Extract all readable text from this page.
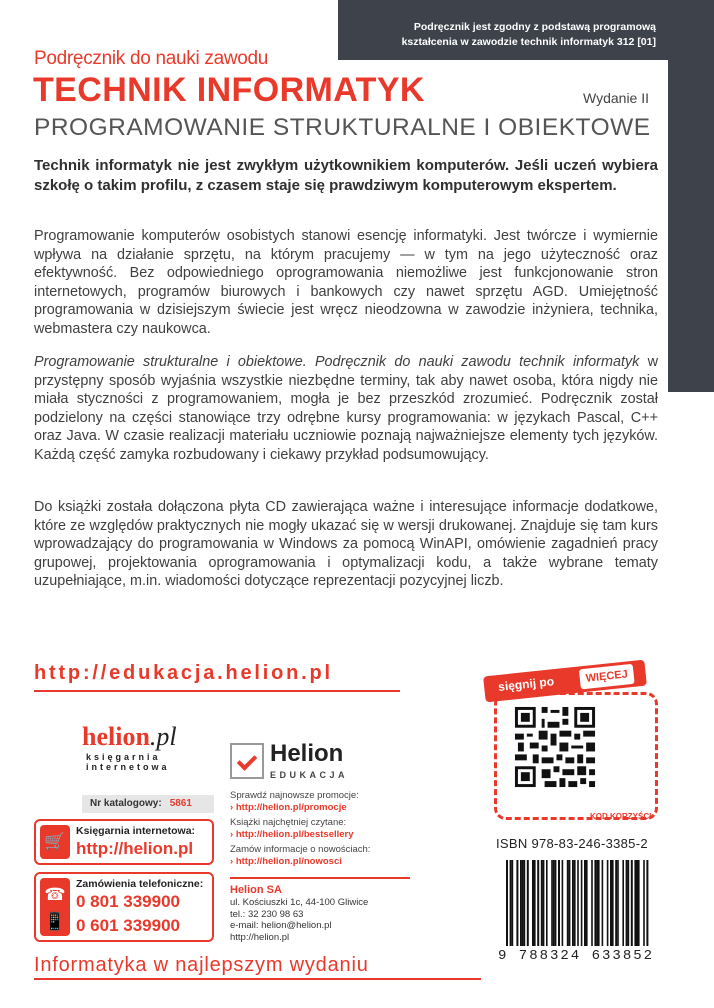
Podręcznik jest zgodny z podstawą programową kształcenia w zawodzie technik informatyk 312 [01]
Podręcznik do nauki zawodu
TECHNIK INFORMATYK	Wydanie II
PROGRAMOWANIE STRUKTURALNE I OBIEKTOWE
Technik informatyk nie jest zwykłym użytkownikiem komputerów. Jeśli uczeń wybiera szkołę o takim profilu, z czasem staje się prawdziwym komputerowym ekspertem.
Programowanie komputerów osobistych stanowi esencję informatyki. Jest twórcze i wymiernie wpływa na działanie sprzętu, na którym pracujemy — w tym na jego użyteczność oraz efektywność. Bez odpowiedniego oprogramowania niemożliwe jest funkcjonowanie stron internetowych, programów biurowych i bankowych czy nawet sprzętu AGD. Umiejętność programowania w dzisiejszym świecie jest wręcz nieodzowna w zawodzie inżyniera, technika, webmastera czy naukowca.
Programowanie strukturalne i obiektowe. Podręcznik do nauki zawodu technik informatyk w przystępny sposób wyjaśnia wszystkie niezbędne terminy, tak aby nawet osoba, która nigdy nie miała styczności z programowaniem, mogła je bez przeszkód zrozumieć. Podręcznik został podzielony na części stanowiące trzy odrębne kursy programowania: w językach Pascal, C++ oraz Java. W czasie realizacji materiału uczniowie poznają najważniejsze elementy tych języków. Każdą część zamyka rozbudowany i ciekawy przykład podsumowujący.
Do książki została dołączona płyta CD zawierająca ważne i interesujące informacje dodatkowe, które ze względów praktycznych nie mogły ukazać się w wersji drukowanej. Znajduje się tam kurs wprowadzający do programowania w Windows za pomocą WinAPI, omówienie zagadnień pracy grupowej, projektowania oprogramowania i optymalizacji kodu, a także wybrane tematy uzupełniające, m.in. wiadomości dotyczące reprezentacji pozycyjnej liczb.
http://edukacja.helion.pl
helion.pl
księgarnia
internetowa	Helion
EDUKACJA
Nr katalogowy: 5861
🛒
Księgarnia internetowa:
http://helion.pl
☎
📱
Zamówienia telefoniczne:
0 801 339900
0 601 339900
Sprawdź najnowsze promocje:
› http://helion.pl/promocje
Książki najchętniej czytane:
› http://helion.pl/bestsellery
Zamów informacje o nowościach:
› http://helion.pl/nowosci
Helion SA
ul. Kościuszki 1c, 44-100 Gliwice
tel.: 32 230 98 63
e-mail: helion@helion.pl
http://helion.pl
Informatyka w najlepszym wydaniu
sięgnij po	WIĘCEJ
KOD KORZYŚCI
ISBN 978-83-246-3385-2
9 788324 633852
